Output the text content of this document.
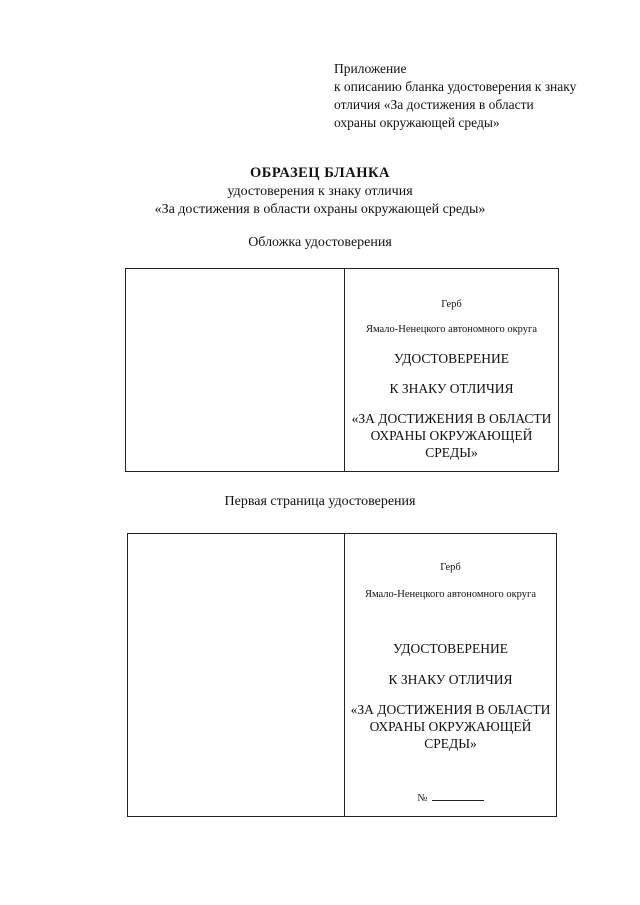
Приложение
к описанию бланка удостоверения к знаку
отличия «За достижения в области
охраны окружающей среды»
ОБРАЗЕЦ БЛАНКА
удостоверения к знаку отличия
«За достижения в области охраны окружающей среды»
Обложка удостоверения
Герб
Ямало-Ненецкого автономного округа
УДОСТОВЕРЕНИЕ
К ЗНАКУ ОТЛИЧИЯ
«ЗА ДОСТИЖЕНИЯ В ОБЛАСТИ
ОХРАНЫ ОКРУЖАЮЩЕЙ
СРЕДЫ»
Первая страница удостоверения
Герб
Ямало-Ненецкого автономного округа
УДОСТОВЕРЕНИЕ
К ЗНАКУ ОТЛИЧИЯ
«ЗА ДОСТИЖЕНИЯ В ОБЛАСТИ
ОХРАНЫ ОКРУЖАЮЩЕЙ
СРЕДЫ»
№
